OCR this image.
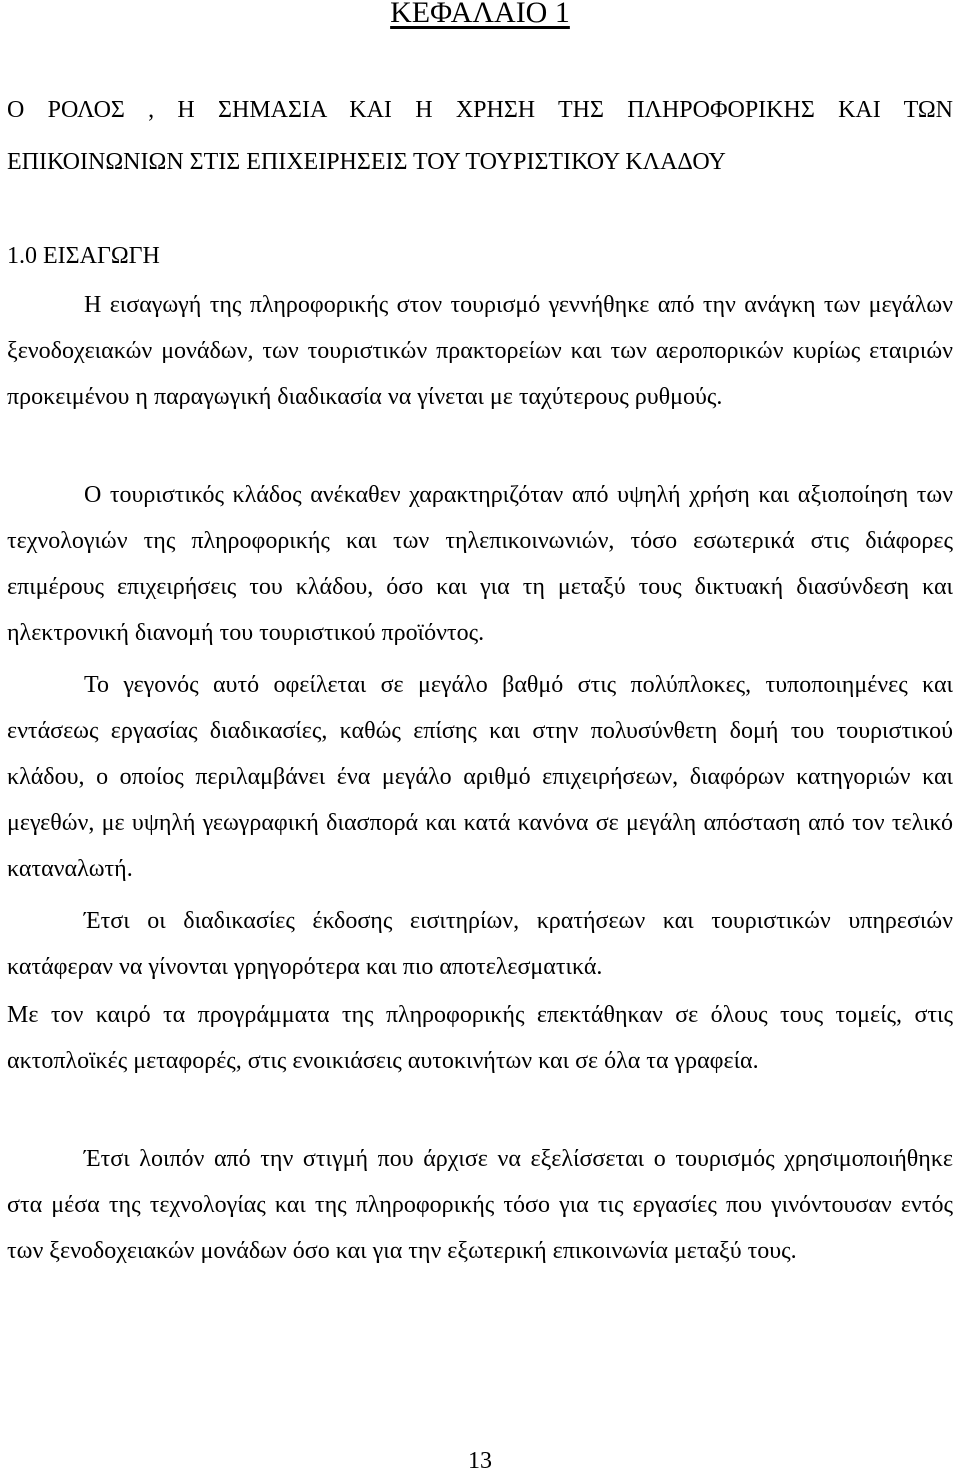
ΚΕΦΑΛΑΙΟ 1
Ο ΡΟΛΟΣ , Η ΣΗΜΑΣΙΑ ΚΑΙ Η ΧΡΗΣΗ ΤΗΣ ΠΛΗΡΟΦΟΡΙΚΗΣ ΚΑΙ ΤΩΝ
ΕΠΙΚΟΙΝΩΝΙΩΝ ΣΤΙΣ ΕΠΙΧΕΙΡΗΣΕΙΣ ΤΟΥ ΤΟΥΡΙΣΤΙΚΟΥ ΚΛΑΔΟΥ
1.0 ΕΙΣΑΓΩΓΗ

Η εισαγωγή της πληροφορικής στον τουρισμό γεννήθηκε από την ανάγκη των μεγάλων ξενοδοχειακών μονάδων, των τουριστικών πρακτορείων και των αεροπορικών κυρίως εταιριών προκειμένου η παραγωγική διαδικασία να γίνεται με ταχύτερους ρυθμούς.

Ο τουριστικός κλάδος ανέκαθεν χαρακτηριζόταν από υψηλή χρήση και αξιοποίηση των τεχνολογιών της πληροφορικής και των τηλεπικοινωνιών, τόσο εσωτερικά στις διάφορες επιμέρους επιχειρήσεις του κλάδου, όσο και για τη μεταξύ τους δικτυακή διασύνδεση και ηλεκτρονική διανομή του τουριστικού προϊόντος.

Το γεγονός αυτό οφείλεται σε μεγάλο βαθμό στις πολύπλοκες, τυποποιημένες και εντάσεως εργασίας διαδικασίες, καθώς επίσης και στην πολυσύνθετη δομή του τουριστικού κλάδου, ο οποίος περιλαμβάνει ένα μεγάλο αριθμό επιχειρήσεων, διαφόρων κατηγοριών και μεγεθών, με υψηλή γεωγραφική διασπορά και κατά κανόνα σε μεγάλη απόσταση από τον τελικό καταναλωτή.

Έτσι οι διαδικασίες έκδοσης εισιτηρίων, κρατήσεων και τουριστικών υπηρεσιών κατάφεραν να γίνονται γρηγορότερα και πιο αποτελεσματικά.

Με τον καιρό τα προγράμματα της πληροφορικής επεκτάθηκαν σε όλους τους τομείς, στις ακτοπλοϊκές μεταφορές, στις ενοικιάσεις αυτοκινήτων και σε όλα τα γραφεία.

Έτσι λοιπόν από την στιγμή που άρχισε να εξελίσσεται ο τουρισμός χρησιμοποιήθηκε στα μέσα της τεχνολογίας και της πληροφορικής τόσο για τις εργασίες που γινόντουσαν εντός των ξενοδοχειακών μονάδων όσο και για την εξωτερική επικοινωνία μεταξύ τους.

13
